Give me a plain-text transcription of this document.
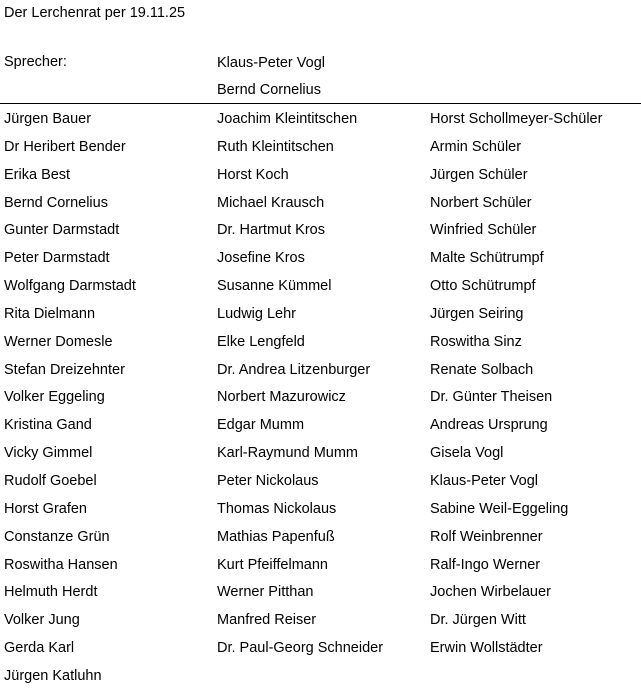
Der Lerchenrat per 19.11.25
Sprecher:	Klaus-Peter Vogl
Bernd Cornelius
Jürgen Bauer
Dr Heribert Bender
Erika Best
Bernd Cornelius
Gunter Darmstadt
Peter Darmstadt
Wolfgang Darmstadt
Rita Dielmann
Werner Domesle
Stefan Dreizehnter
Volker Eggeling
Kristina Gand
Vicky Gimmel
Rudolf Goebel
Horst Grafen
Constanze Grün
Roswitha Hansen
Helmuth Herdt
Volker Jung
Gerda Karl
Jürgen Katluhn
Joachim Kleintitschen
Ruth Kleintitschen
Horst Koch
Michael Krausch
Dr. Hartmut Kros
Josefine Kros
Susanne Kümmel
Ludwig Lehr
Elke Lengfeld
Dr. Andrea Litzenburger
Norbert Mazurowicz
Edgar Mumm
Karl-Raymund Mumm
Peter Nickolaus
Thomas Nickolaus
Mathias Papenfuß
Kurt Pfeiffelmann
Werner Pitthan
Manfred Reiser
Dr. Paul-Georg Schneider
Horst Schollmeyer-Schüler
Armin Schüler
Jürgen Schüler
Norbert Schüler
Winfried Schüler
Malte Schütrumpf
Otto Schütrumpf
Jürgen Seiring
Roswitha Sinz
Renate Solbach
Dr. Günter Theisen
Andreas Ursprung
Gisela Vogl
Klaus-Peter Vogl
Sabine Weil-Eggeling
Rolf Weinbrenner
Ralf-Ingo Werner
Jochen Wirbelauer
Dr. Jürgen Witt
Erwin Wollstädter
